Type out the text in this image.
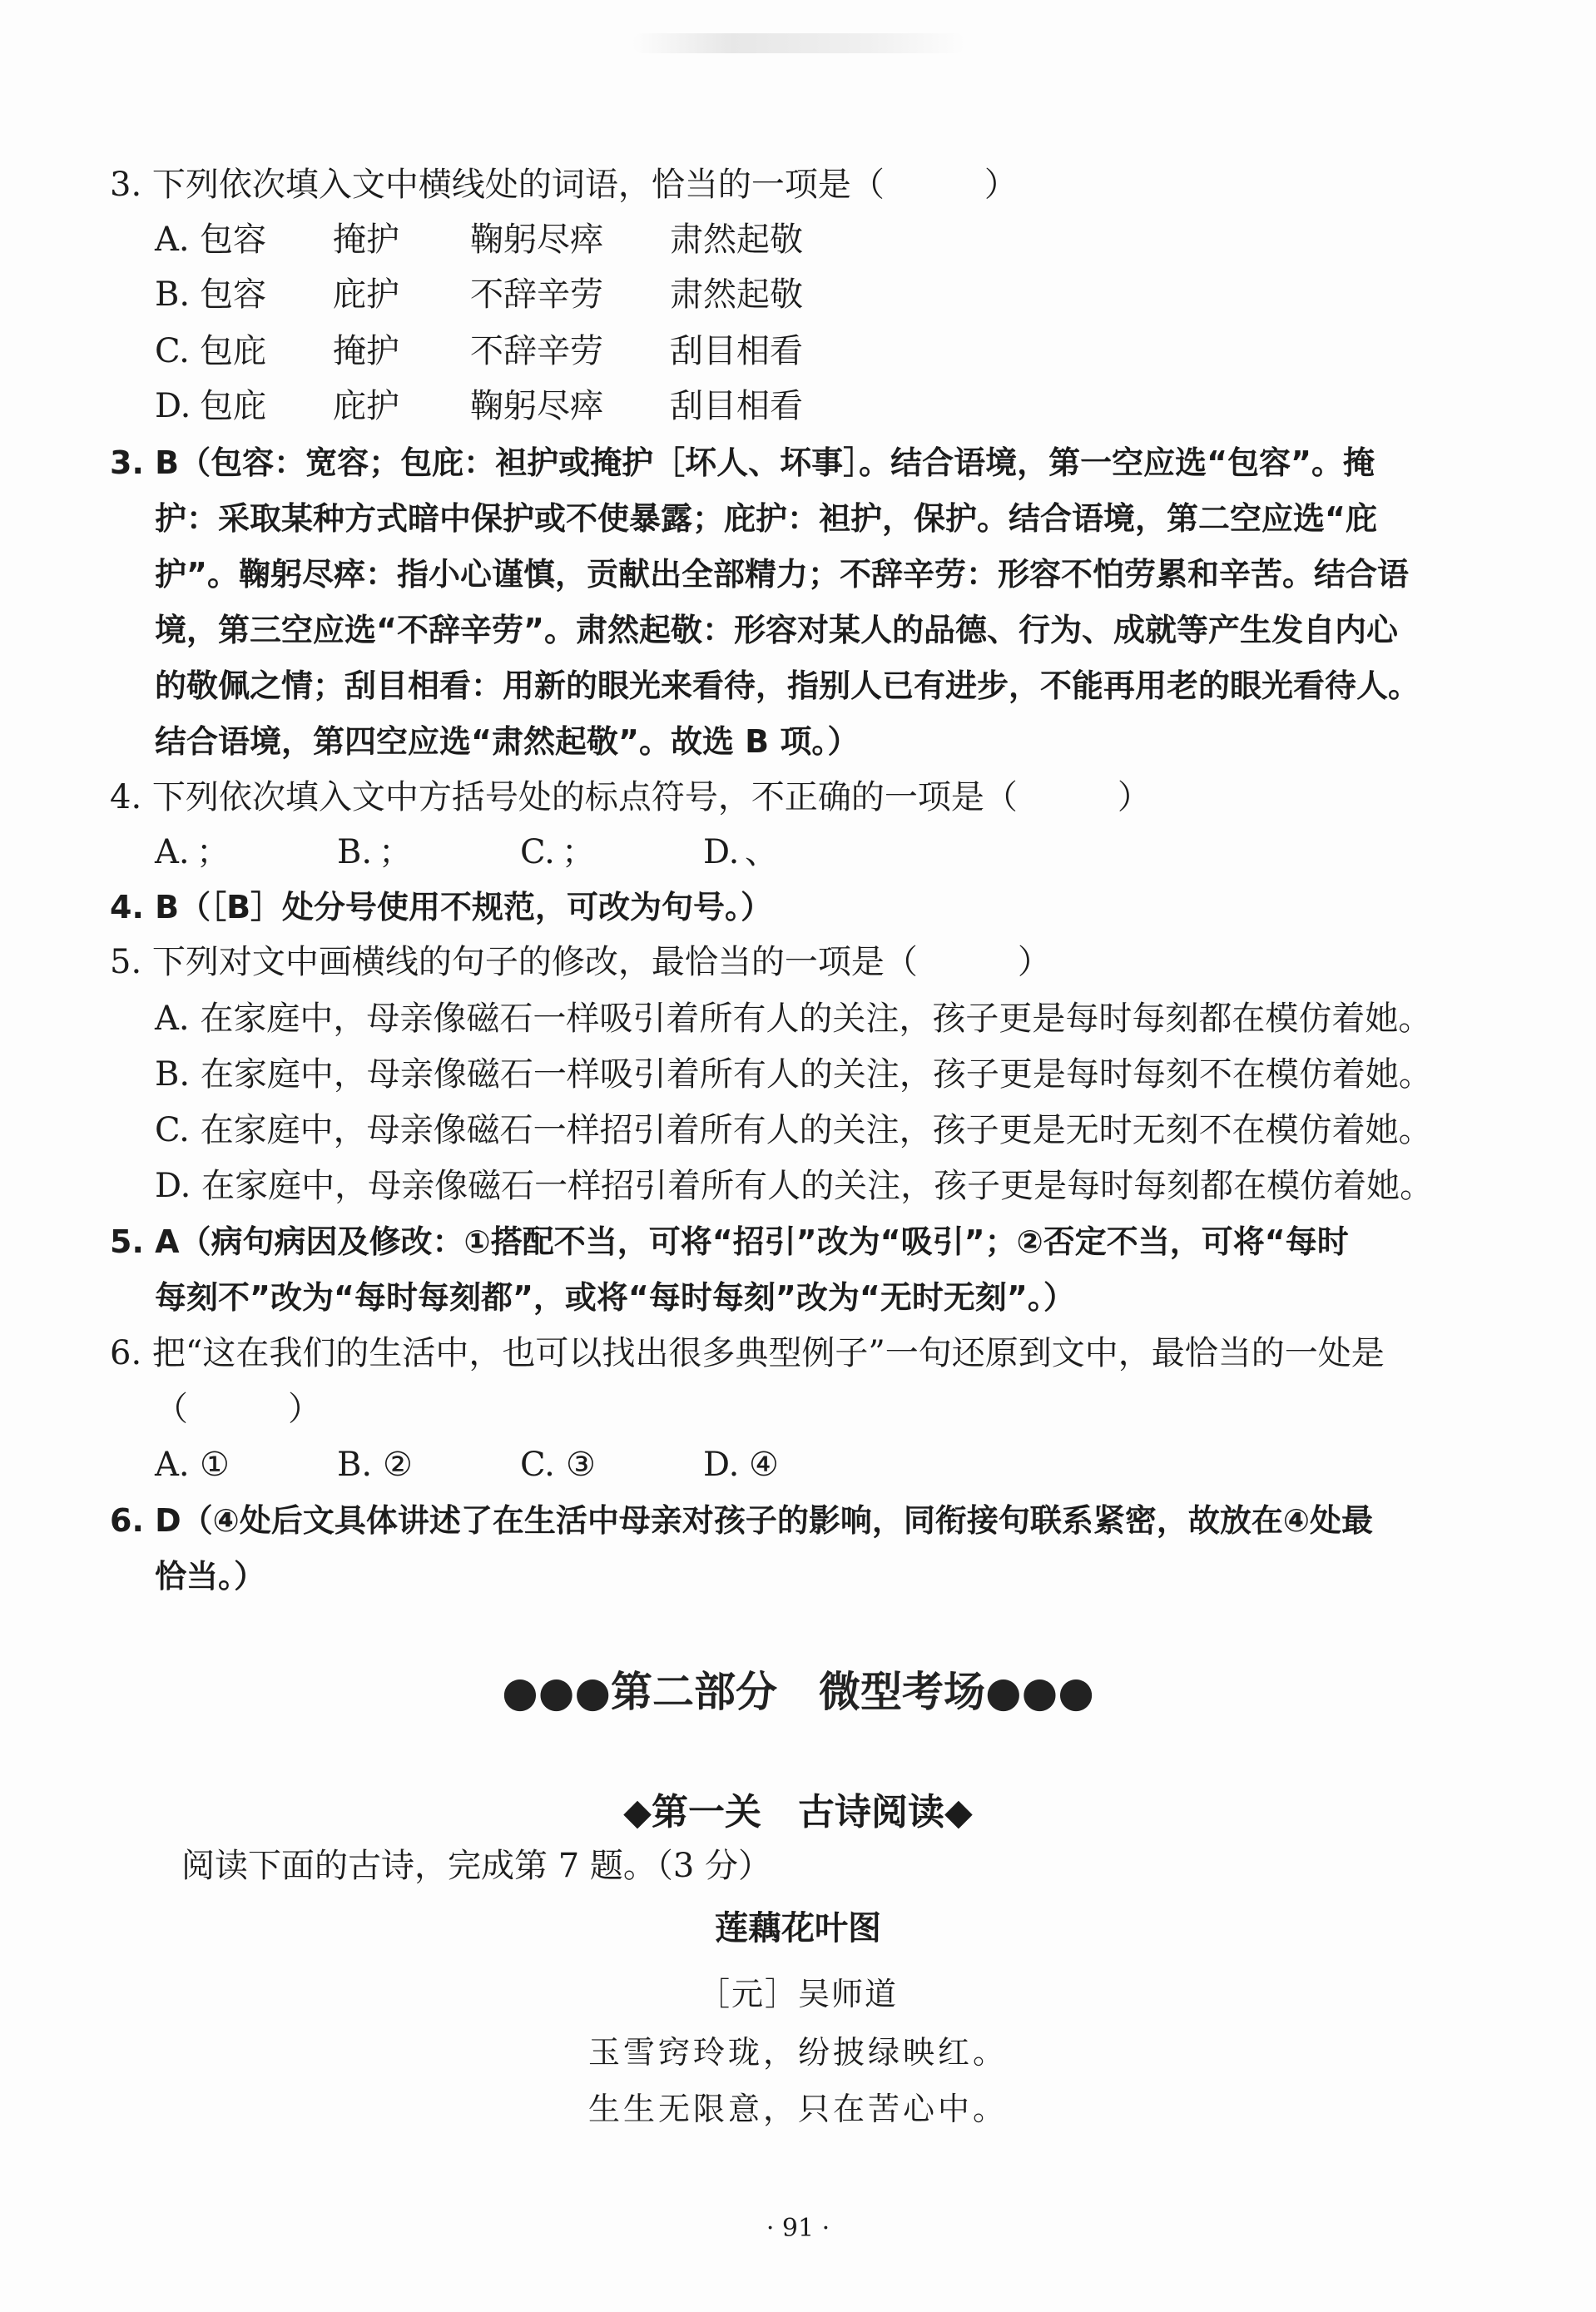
3. 下列依次填入文中横线处的词语，恰当的一项是（　　　）
A. 包容 掩护 鞠躬尽瘁 肃然起敬
B. 包容 庇护 不辞辛劳 肃然起敬
C. 包庇 掩护 不辞辛劳 刮目相看
D. 包庇 庇护 鞠躬尽瘁 刮目相看
3. B（包容：宽容；包庇：袒护或掩护［坏人、坏事］。结合语境，第一空应选“包容”。掩
护：采取某种方式暗中保护或不使暴露；庇护：袒护，保护。结合语境，第二空应选“庇
护”。鞠躬尽瘁：指小心谨慎，贡献出全部精力；不辞辛劳：形容不怕劳累和辛苦。结合语
境，第三空应选“不辞辛劳”。肃然起敬：形容对某人的品德、行为、成就等产生发自内心
的敬佩之情；刮目相看：用新的眼光来看待，指别人已有进步，不能再用老的眼光看待人。
结合语境，第四空应选“肃然起敬”。故选 B 项。）
4. 下列依次填入文中方括号处的标点符号，不正确的一项是（　　　）
A. ；	B. ；	C. ；	D. 、
4. B（［B］处分号使用不规范，可改为句号。）
5. 下列对文中画横线的句子的修改，最恰当的一项是（　　　）
A. 在家庭中，母亲像磁石一样吸引着所有人的关注，孩子更是每时每刻都在模仿着她。
B. 在家庭中，母亲像磁石一样吸引着所有人的关注，孩子更是每时每刻不在模仿着她。
C. 在家庭中，母亲像磁石一样招引着所有人的关注，孩子更是无时无刻不在模仿着她。
D. 在家庭中，母亲像磁石一样招引着所有人的关注，孩子更是每时每刻都在模仿着她。
5. A（病句病因及修改：①搭配不当，可将“招引”改为“吸引”；②否定不当，可将“每时
每刻不”改为“每时每刻都”，或将“每时每刻”改为“无时无刻”。）
6. 把“这在我们的生活中，也可以找出很多典型例子”一句还原到文中，最恰当的一处是
（　　　）
A. ①	B. ②	C. ③	D. ④
6. D（④处后文具体讲述了在生活中母亲对孩子的影响，同衔接句联系紧密，故放在④处最
恰当。）
●●●第二部分　微型考场●●●
◆第一关　古诗阅读◆
阅读下面的古诗，完成第 7 题。（3 分）
莲藕花叶图
［元］吴师道
玉雪窍玲珑，纷披绿映红。
生生无限意，只在苦心中。
· 91 ·
